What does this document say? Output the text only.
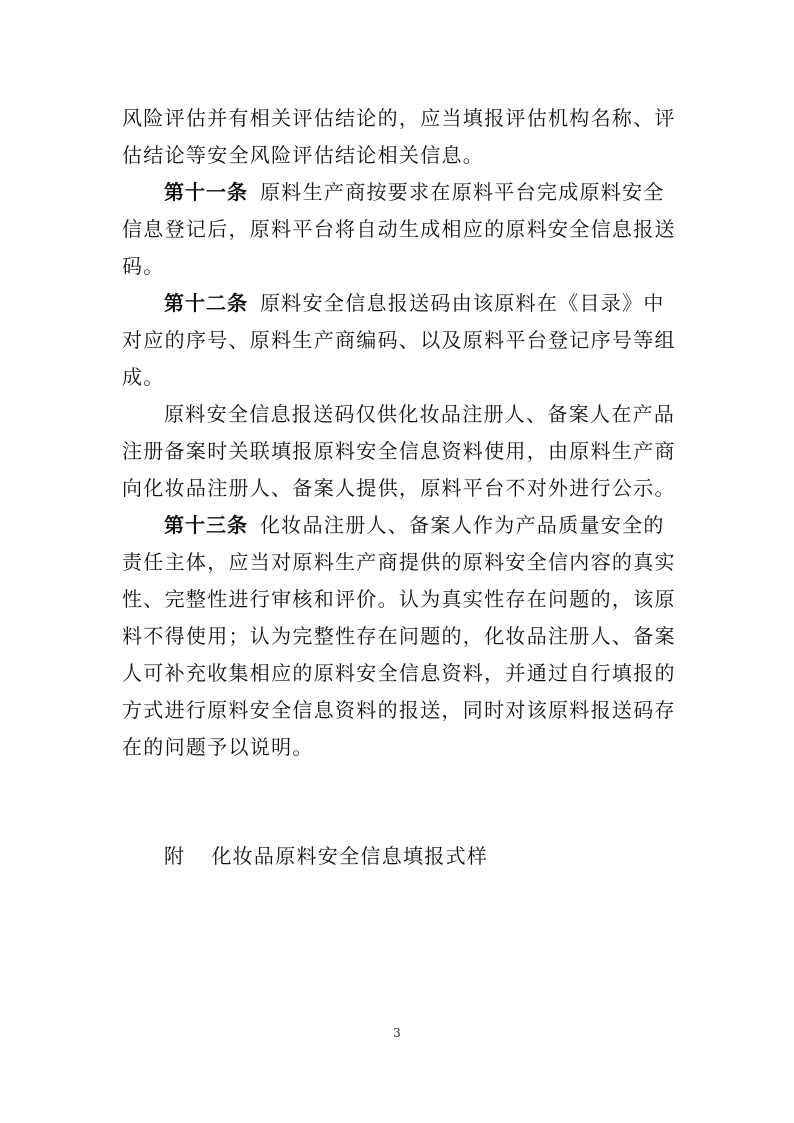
风险评估并有相关评估结论的，应当填报评估机构名称、评
估结论等安全风险评估结论相关信息。
第十一条 原料生产商按要求在原料平台完成原料安全
信息登记后，原料平台将自动生成相应的原料安全信息报送
码。
第十二条 原料安全信息报送码由该原料在《目录》中
对应的序号、原料生产商编码、以及原料平台登记序号等组
成。
原料安全信息报送码仅供化妆品注册人、备案人在产品
注册备案时关联填报原料安全信息资料使用，由原料生产商
向化妆品注册人、备案人提供，原料平台不对外进行公示。
第十三条 化妆品注册人、备案人作为产品质量安全的
责任主体，应当对原料生产商提供的原料安全信内容的真实
性、完整性进行审核和评价。认为真实性存在问题的，该原
料不得使用；认为完整性存在问题的，化妆品注册人、备案
人可补充收集相应的原料安全信息资料，并通过自行填报的
方式进行原料安全信息资料的报送，同时对该原料报送码存
在的问题予以说明。
附 化妆品原料安全信息填报式样
3
